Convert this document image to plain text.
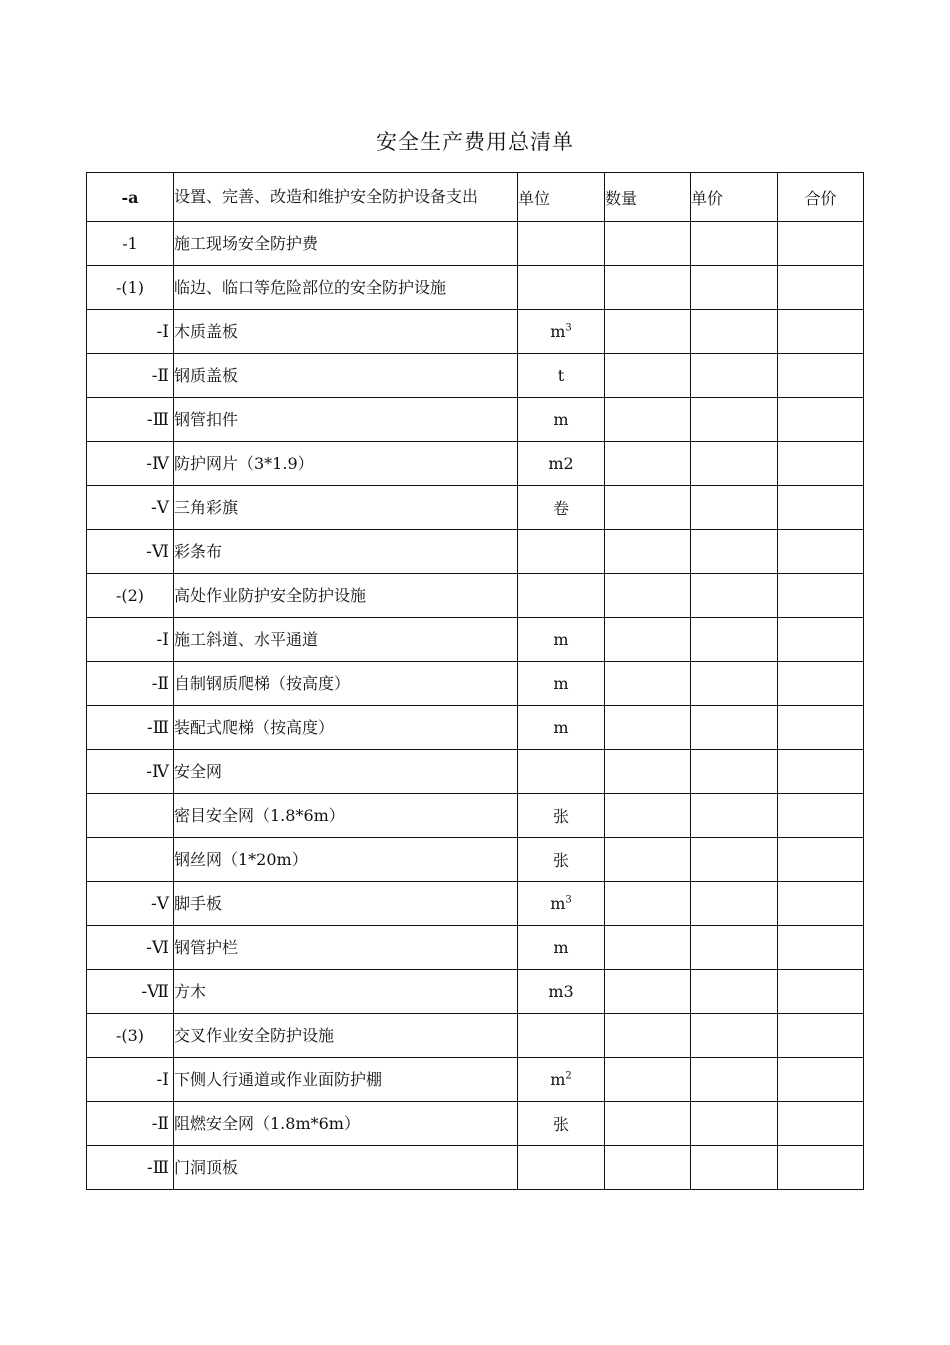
安全生产费用总清单
-a	设置、完善、改造和维护安全防护设备支出	单位	数量	单价	合价
-1	施工现场安全防护费				
-(1)	临边、临口等危险部位的安全防护设施				
-Ⅰ	木质盖板	$m^3$			
-Ⅱ	钢质盖板	t			
-Ⅲ	钢管扣件	m			
-Ⅳ	防护网片（3*1.9）	m2			
-Ⅴ	三角彩旗	卷			
-Ⅵ	彩条布				
-(2)	高处作业防护安全防护设施				
-Ⅰ	施工斜道、水平通道	m			
-Ⅱ	自制钢质爬梯（按高度）	m			
-Ⅲ	装配式爬梯（按高度）	m			
-Ⅳ	安全网				
	密目安全网（1.8*6m）	张			
	钢丝网（1*20m）	张			
-Ⅴ	脚手板	$m^3$			
-Ⅵ	钢管护栏	m			
-Ⅶ	方木	m3			
-(3)	交叉作业安全防护设施				
-Ⅰ	下侧人行通道或作业面防护棚	$m^2$			
-Ⅱ	阻燃安全网（1.8m*6m）	张			
-Ⅲ	门洞顶板				
